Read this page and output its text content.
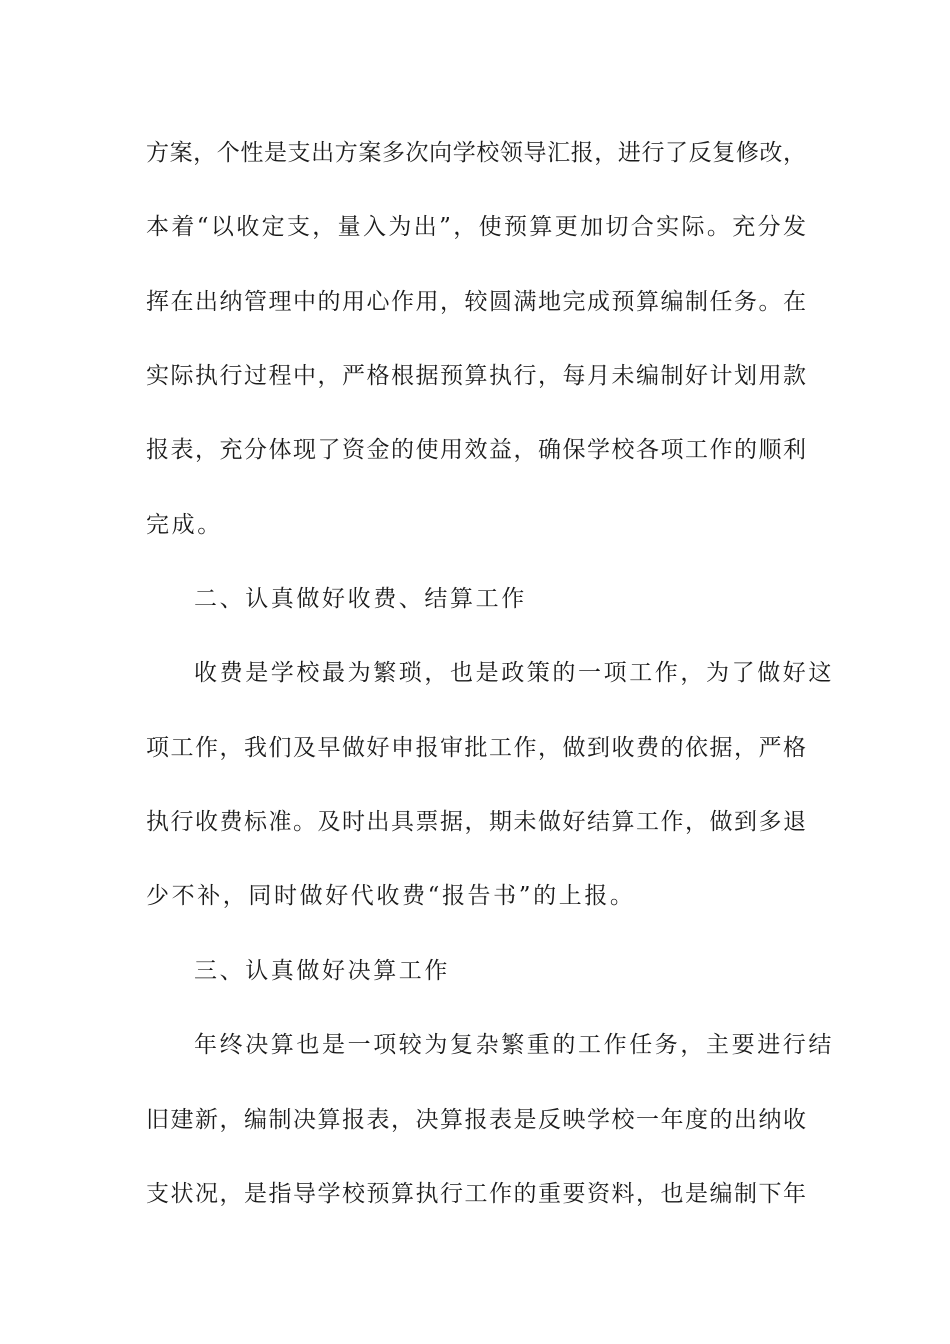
方案，个性是支出方案多次向学校领导汇报，进行了反复修改，
本着“以收定支，量入为出”，使预算更加切合实际。充分发
挥在出纳管理中的用心作用，较圆满地完成预算编制任务。在
实际执行过程中，严格根据预算执行，每月未编制好计划用款
报表，充分体现了资金的使用效益，确保学校各项工作的顺利
完成。
二、认真做好收费、结算工作
收费是学校最为繁琐，也是政策的一项工作，为了做好这
项工作，我们及早做好申报审批工作，做到收费的依据，严格
执行收费标准。及时出具票据，期未做好结算工作，做到多退
少不补，同时做好代收费“报告书”的上报。
三、认真做好决算工作
年终决算也是一项较为复杂繁重的工作任务，主要进行结
旧建新，编制决算报表，决算报表是反映学校一年度的出纳收
支状况，是指导学校预算执行工作的重要资料，也是编制下年
